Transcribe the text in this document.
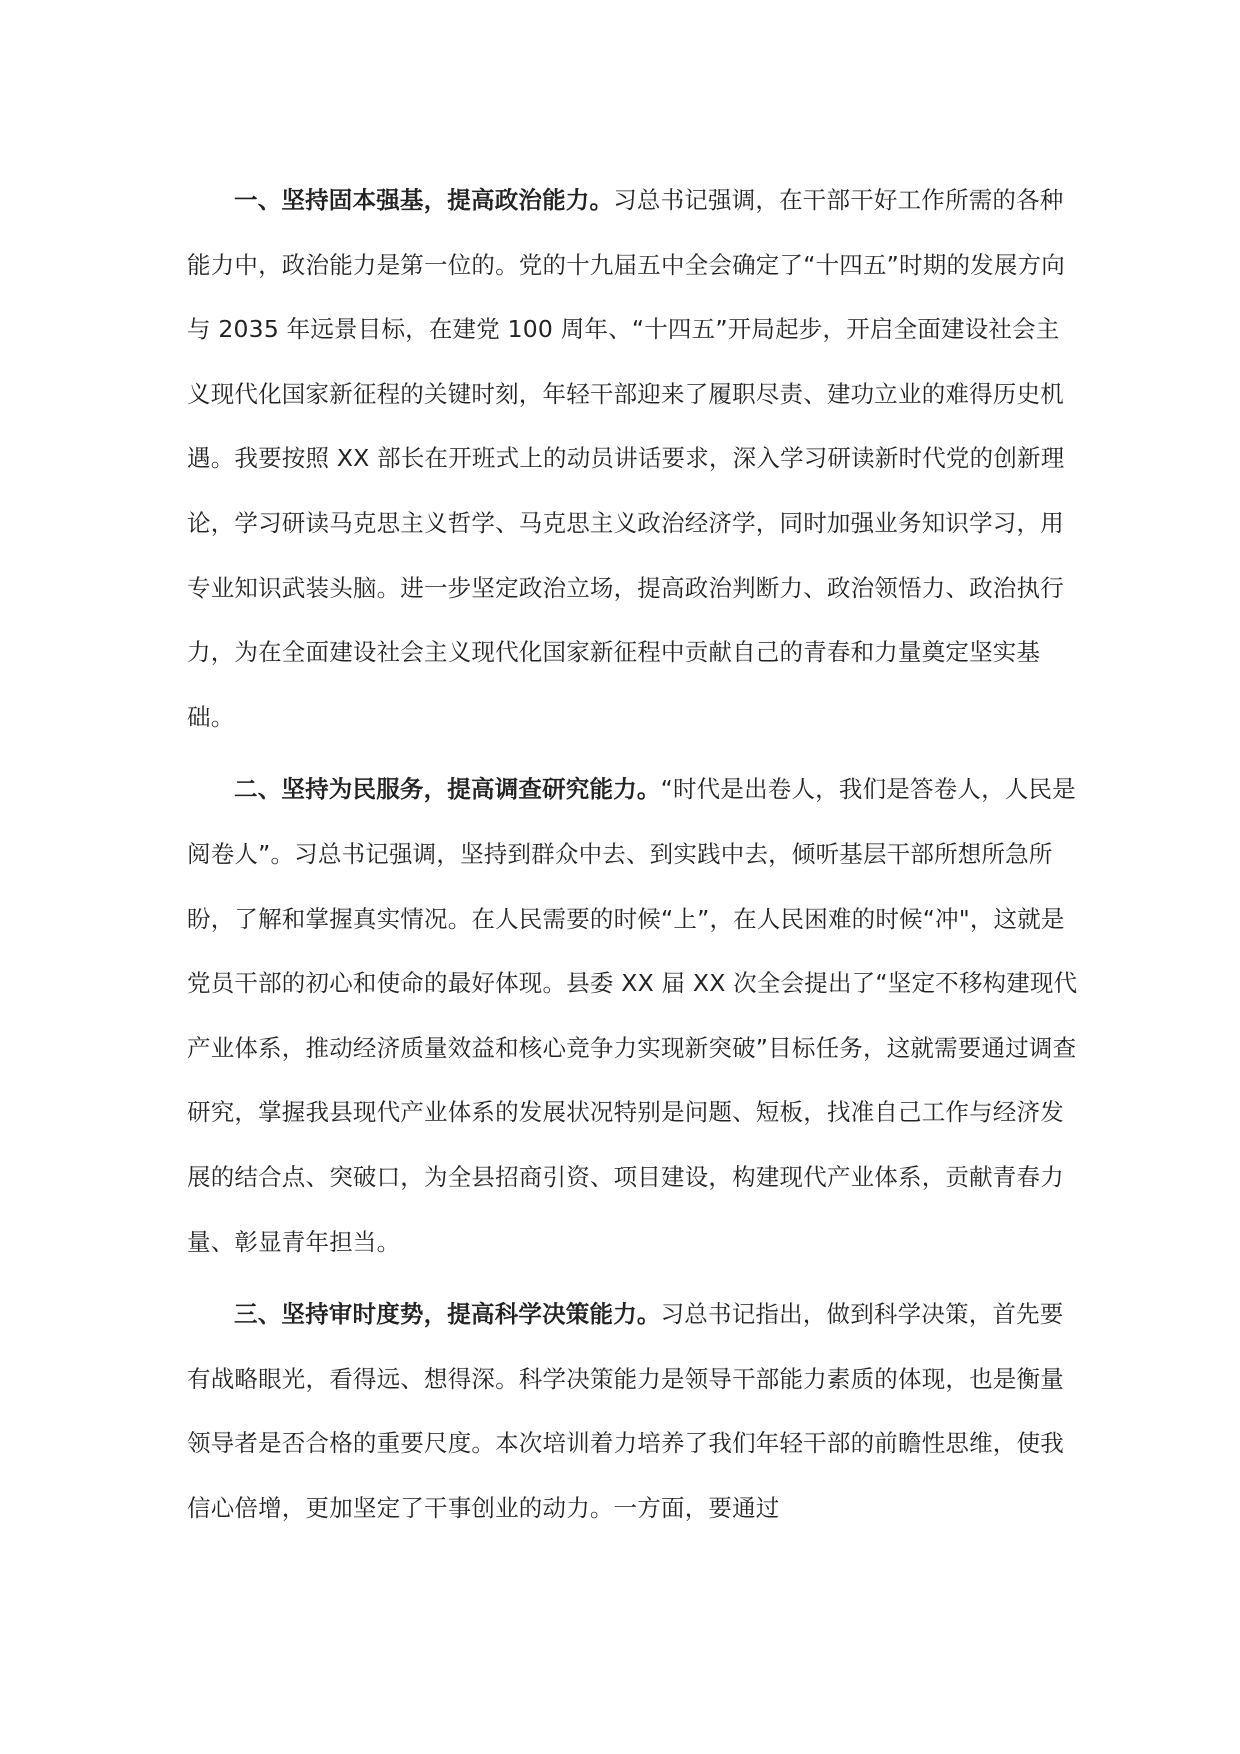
一、坚持固本强基，提高政治能力。习总书记强调，在干部干好工作所需的各种能力中，政治能力是第一位的。党的十九届五中全会确定了“十四五”时期的发展方向与 2035 年远景目标，在建党 100 周年、“十四五”开局起步，开启全面建设社会主义现代化国家新征程的关键时刻，年轻干部迎来了履职尽责、建功立业的难得历史机遇。我要按照 XX 部长在开班式上的动员讲话要求，深入学习研读新时代党的创新理论，学习研读马克思主义哲学、马克思主义政治经济学，同时加强业务知识学习，用专业知识武装头脑。进一步坚定政治立场，提高政治判断力、政治领悟力、政治执行力，为在全面建设社会主义现代化国家新征程中贡献自己的青春和力量奠定坚实基础。

二、坚持为民服务，提高调查研究能力。“时代是出卷人，我们是答卷人，人民是阅卷人”。习总书记强调，坚持到群众中去、到实践中去，倾听基层干部所想所急所盼，了解和掌握真实情况。在人民需要的时候“上”，在人民困难的时候“冲"，这就是党员干部的初心和使命的最好体现。县委 XX 届 XX 次全会提出了“坚定不移构建现代产业体系，推动经济质量效益和核心竞争力实现新突破”目标任务，这就需要通过调查研究，掌握我县现代产业体系的发展状况特别是问题、短板，找准自己工作与经济发展的结合点、突破口，为全县招商引资、项目建设，构建现代产业体系，贡献青春力量、彰显青年担当。

三、坚持审时度势，提高科学决策能力。习总书记指出，做到科学决策，首先要有战略眼光，看得远、想得深。科学决策能力是领导干部能力素质的体现，也是衡量领导者是否合格的重要尺度。本次培训着力培养了我们年轻干部的前瞻性思维，使我信心倍增，更加坚定了干事创业的动力。一方面，要通过
